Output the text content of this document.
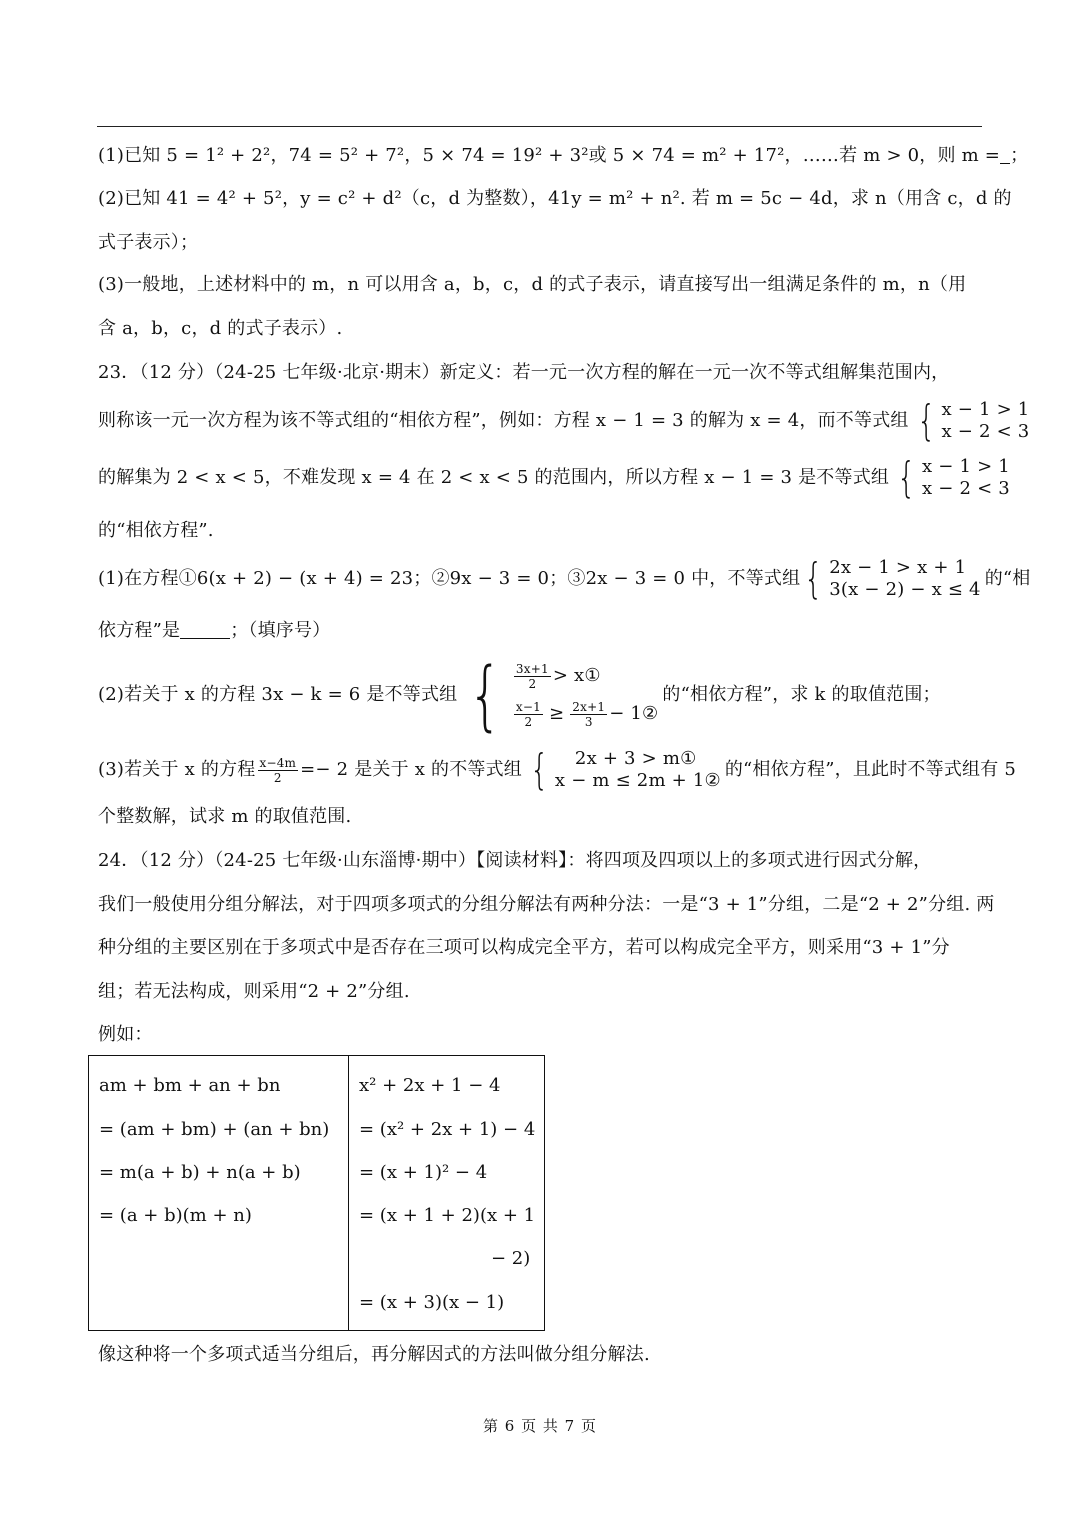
(1)已知 5 = 1² + 2²，74 = 5² + 7²，5 × 74 = 19² + 3²或 5 × 74 = m² + 17²，……若 m > 0，则 m = ；
(2)已知 41 = 4² + 5²，y = c² + d²（c，d 为整数），41y = m² + n². 若 m = 5c − 4d，求 n（用含 c，d 的
式子表示）；
(3)一般地，上述材料中的 m，n 可以用含 a，b，c，d 的式子表示，请直接写出一组满足条件的 m，n（用
含 a，b，c，d 的式子表示）.
23．（12 分）（24-25 七年级·北京·期末）新定义：若一元一次方程的解在一元一次不等式组解集范围内，
则称该一元一次方程为该不等式组的“相依方程”，例如：方程 x − 1 = 3 的解为 x = 4，而不等式组 { x − 1 > 1
x − 2 < 3
的解集为 2 < x < 5，不难发现 x = 4 在 2 < x < 5 的范围内，所以方程 x − 1 = 3 是不等式组 { x − 1 > 1
x − 2 < 3
的“相依方程”.
(1)在方程①6(x + 2) − (x + 4) = 23；②9x − 3 = 0；③2x − 3 = 0 中，不等式组 { 2x − 1 > x + 1
3(x − 2) − x ≤ 4
的“相
依方程”是	；（填序号）
(2)若关于 x 的方程 3x − k = 6 是不等式组 { $\frac{3x+1}{2}$ > x①
$\frac{x-1}{2} \ge \frac{2x+1}{3}$ − 1②
的“相依方程”，求 k 的取值范围；
(3)若关于 x 的方程 $\frac{x-4m}{2} =- 2$ 是关于 x 的不等式组 {	2x + 3 > m①
x − m ≤ 2m + 1②
的“相依方程”，且此时不等式组有 5
个整数解，试求 m 的取值范围.
24．（12 分）（24-25 七年级·山东淄博·期中）【阅读材料】：将四项及四项以上的多项式进行因式分解，
我们一般使用分组分解法，对于四项多项式的分组分解法有两种分法：一是“3 + 1”分组，二是“2 + 2”分组. 两
种分组的主要区别在于多项式中是否存在三项可以构成完全平方，若可以构成完全平方，则采用“3 + 1”分
组；若无法构成，则采用“2 + 2”分组.
例如：
am + bm + an + bn
= (am + bm) + (an + bn)
= m(a + b) + n(a + b)
= (a + b)(m + n)
x² + 2x + 1 − 4
= (x² + 2x + 1) − 4
= (x + 1)² − 4
= (x + 1 + 2)(x + 1
− 2)
= (x + 3)(x − 1)
像这种将一个多项式适当分组后，再分解因式的方法叫做分组分解法.
第 6 页 共 7 页
